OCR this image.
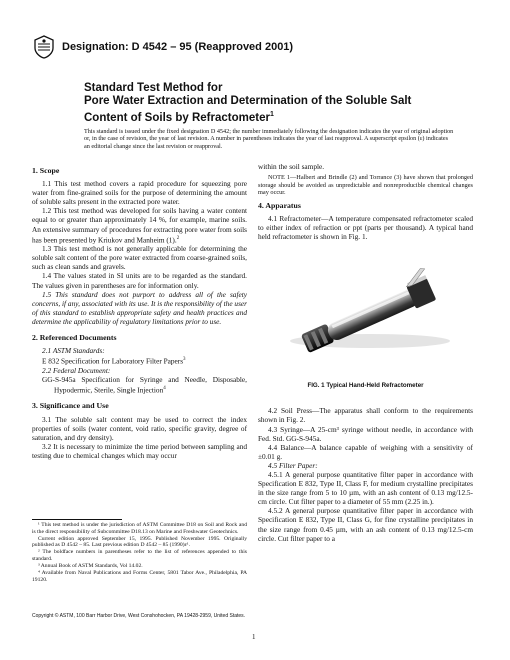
Designation: D 4542 – 95 (Reapproved 2001)
Standard Test Method for
Pore Water Extraction and Determination of the Soluble Salt
Content of Soils by Refractometer$^1$
This standard is issued under the fixed designation D 4542; the number immediately following the designation indicates the year of original adoption or, in the case of revision, the year of last revision. A number in parentheses indicates the year of last reapproval. A superscript epsilon (ε) indicates an editorial change since the last revision or reapproval.

1. Scope

1.1 This test method covers a rapid procedure for squeezing pore water from fine-grained soils for the purpose of determining the amount of soluble salts present in the extracted pore water.

1.2 This test method was developed for soils having a water content equal to or greater than approximately 14 %, for example, marine soils. An extensive summary of procedures for extracting pore water from soils has been presented by Kriukov and Manheim (1).$^2$

1.3 This test method is not generally applicable for determining the soluble salt content of the pore water extracted from coarse-grained soils, such as clean sands and gravels.

1.4 The values stated in SI units are to be regarded as the standard. The values given in parentheses are for information only.

1.5 This standard does not purport to address all of the safety concerns, if any, associated with its use. It is the responsibility of the user of this standard to establish appropriate safety and health practices and determine the applicability of regulatory limitations prior to use.

2. Referenced Documents

2.1 ASTM Standards:

E 832 Specification for Laboratory Filter Papers$^3$

2.2 Federal Document:

GG-S-945a Specification for Syringe and Needle, Disposable, Hypodermic, Sterile, Single Injection$^4$

3. Significance and Use

3.1 The soluble salt content may be used to correct the index properties of soils (water content, void ratio, specific gravity, degree of saturation, and dry density).

3.2 It is necessary to minimize the time period between sampling and testing due to chemical changes which may occur

within the soil sample.

NOTE 1—Halbert and Brindle (2) and Torrance (3) have shown that prolonged storage should be avoided as unpredictable and nonreproducible chemical changes may occur.

4. Apparatus

4.1 Refractometer—A temperature compensated refractometer scaled to either index of refraction or ppt (parts per thousand). A typical hand held refractometer is shown in Fig. 1.

FIG. 1 Typical Hand-Held Refractometer

4.2 Soil Press—The apparatus shall conform to the requirements shown in Fig. 2.

4.3 Syringe—A 25-cm³ syringe without needle, in accordance with Fed. Std. GG-S-945a.

4.4 Balance—A balance capable of weighing with a sensitivity of ±0.01 g.

4.5 Filter Paper:

4.5.1 A general purpose quantitative filter paper in accordance with Specification E 832, Type II, Class F, for medium crystalline precipitates in the size range from 5 to 10 µm, with an ash content of 0.13 mg/12.5-cm circle. Cut filter paper to a diameter of 55 mm (2.25 in.).

4.5.2 A general purpose quantitative filter paper in accordance with Specification E 832, Type II, Class G, for fine crystalline precipitates in the size range from 0.45 µm, with an ash content of 0.13 mg/12.5-cm circle. Cut filter paper to a

¹ This test method is under the jurisdiction of ASTM Committee D18 on Soil and Rock and is the direct responsibility of Subcommittee D18.13 on Marine and Freshwater Geotechnics.

Current edition approved September 15, 1995. Published November 1995. Originally published as D 4542 – 85. Last previous edition D 4542 – 85 (1990)ε¹.

² The boldface numbers in parentheses refer to the list of references appended to this standard.

³ Annual Book of ASTM Standards, Vol 14.02.

⁴ Available from Naval Publications and Forms Center, 5801 Tabor Ave., Philadelphia, PA 19120.

Copyright © ASTM, 100 Barr Harbor Drive, West Conshohocken, PA 19428-2959, United States.
1
